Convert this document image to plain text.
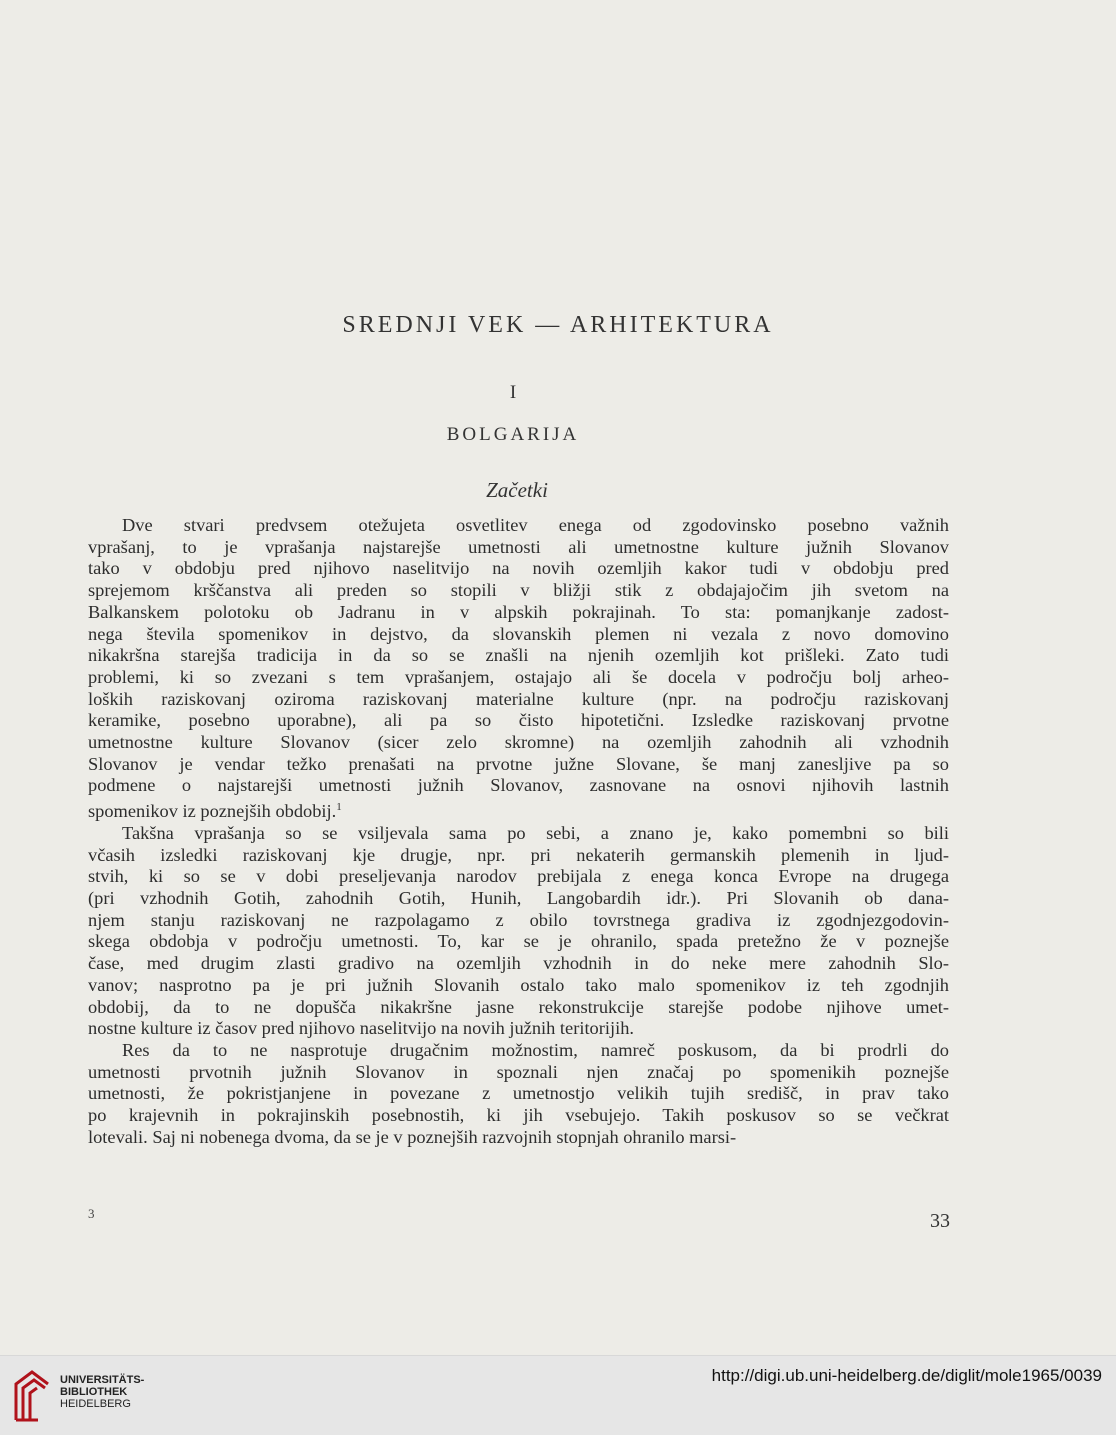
SREDNJI VEK — ARHITEKTURA
I
BOLGARIJA
Začetki
Dve stvari predvsem otežujeta osvetlitev enega od zgodovinsko posebno važnih
vprašanj, to je vprašanja najstarejše umetnosti ali umetnostne kulture južnih Slovanov
tako v obdobju pred njihovo naselitvijo na novih ozemljih kakor tudi v obdobju pred
sprejemom krščanstva ali preden so stopili v bližji stik z obdajajočim jih svetom na
Balkanskem polotoku ob Jadranu in v alpskih pokrajinah. To sta: pomanjkanje zadost-
nega števila spomenikov in dejstvo, da slovanskih plemen ni vezala z novo domovino
nikakršna starejša tradicija in da so se znašli na njenih ozemljih kot prišleki. Zato tudi
problemi, ki so zvezani s tem vprašanjem, ostajajo ali še docela v področju bolj arheo-
loških raziskovanj oziroma raziskovanj materialne kulture (npr. na področju raziskovanj
keramike, posebno uporabne), ali pa so čisto hipotetični. Izsledke raziskovanj prvotne
umetnostne kulture Slovanov (sicer zelo skromne) na ozemljih zahodnih ali vzhodnih
Slovanov je vendar težko prenašati na prvotne južne Slovane, še manj zanesljive pa so
podmene o najstarejši umetnosti južnih Slovanov, zasnovane na osnovi njihovih lastnih
spomenikov iz poznejših obdobij.$^1$
Takšna vprašanja so se vsiljevala sama po sebi, a znano je, kako pomembni so bili
včasih izsledki raziskovanj kje drugje, npr. pri nekaterih germanskih plemenih in ljud-
stvih, ki so se v dobi preseljevanja narodov prebijala z enega konca Evrope na drugega
(pri vzhodnih Gotih, zahodnih Gotih, Hunih, Langobardih idr.). Pri Slovanih ob dana-
njem stanju raziskovanj ne razpolagamo z obilo tovrstnega gradiva iz zgodnjezgodovin-
skega obdobja v področju umetnosti. To, kar se je ohranilo, spada pretežno že v poznejše
čase, med drugim zlasti gradivo na ozemljih vzhodnih in do neke mere zahodnih Slo-
vanov; nasprotno pa je pri južnih Slovanih ostalo tako malo spomenikov iz teh zgodnjih
obdobij, da to ne dopušča nikakršne jasne rekonstrukcije starejše podobe njihove umet-
nostne kulture iz časov pred njihovo naselitvijo na novih južnih teritorijih.
Res da to ne nasprotuje drugačnim možnostim, namreč poskusom, da bi prodrli do
umetnosti prvotnih južnih Slovanov in spoznali njen značaj po spomenikih poznejše
umetnosti, že pokristjanjene in povezane z umetnostjo velikih tujih središč, in prav tako
po krajevnih in pokrajinskih posebnostih, ki jih vsebujejo. Takih poskusov so se večkrat
lotevali. Saj ni nobenega dvoma, da se je v poznejših razvojnih stopnjah ohranilo marsi-
3	33
UNIVERSITÄTS-
BIBLIOTHEK
HEIDELBERG
http://digi.ub.uni-heidelberg.de/diglit/mole1965/0039
